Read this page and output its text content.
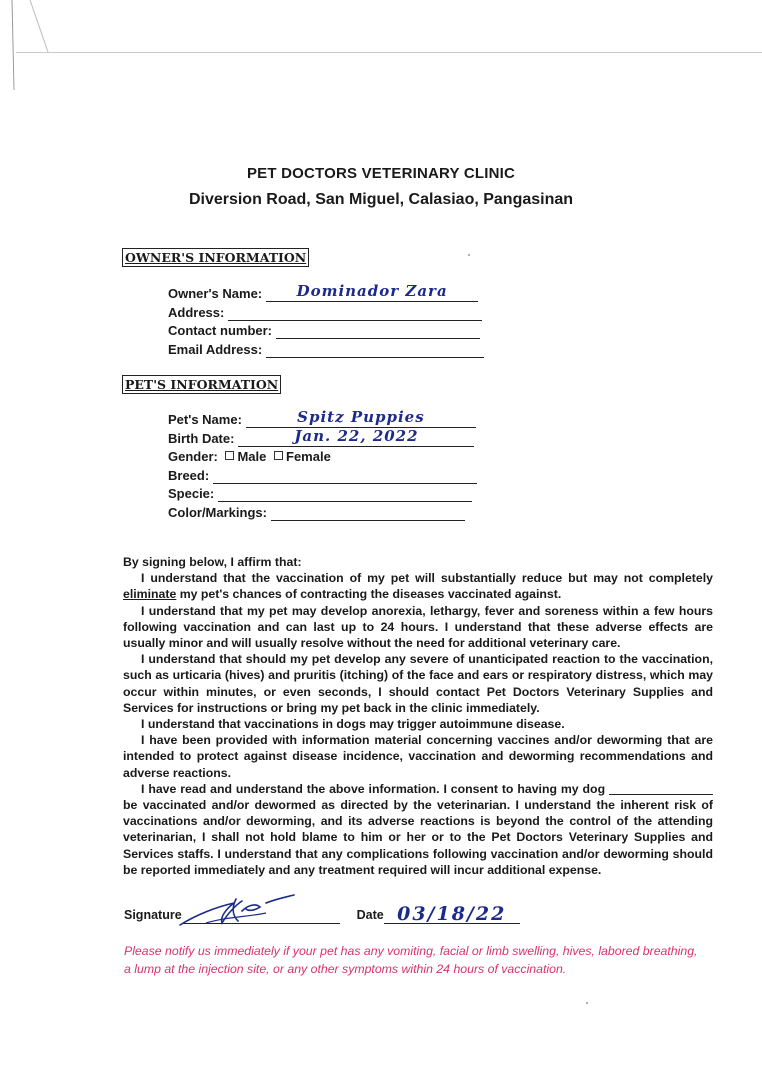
PET DOCTORS VETERINARY CLINIC
Diversion Road, San Miguel, Calasiao, Pangasinan
OWNER'S INFORMATION
Owner's Name:	Dominador Zara
Address:
Contact number:
Email Address:
PET'S INFORMATION
Pet's Name:	Spitz Puppies
Birth Date:	Jan. 22, 2022
Gender: Male Female
Breed:
Specie:
Color/Markings:

By signing below, I affirm that:

I understand that the vaccination of my pet will substantially reduce but may not completely eliminate my pet's chances of contracting the diseases vaccinated against.

I understand that my pet may develop anorexia, lethargy, fever and soreness within a few hours following vaccination and can last up to 24 hours. I understand that these adverse effects are usually minor and will usually resolve without the need for additional veterinary care.

I understand that should my pet develop any severe of unanticipated reaction to the vaccination, such as urticaria (hives) and pruritis (itching) of the face and ears or respiratory distress, which may occur within minutes, or even seconds, I should contact Pet Doctors Veterinary Supplies and Services for instructions or bring my pet back in the clinic immediately.

I understand that vaccinations in dogs may trigger autoimmune disease.

I have been provided with information material concerning vaccines and/or deworming that are intended to protect against disease incidence, vaccination and deworming recommendations and adverse reactions.

I have read and understand the above information. I consent to having my dog  be vaccinated and/or dewormed as directed by the veterinarian. I understand the inherent risk of vaccinations and/or deworming, and its adverse reactions is beyond the control of the attending veterinarian, I shall not hold blame to him or her or to the Pet Doctors Veterinary Supplies and Services staffs. I understand that any complications following vaccination and/or deworming should be reported immediately and any treatment required will incur additional expense.

Signature	Date 03/18/22
Please notify us immediately if your pet has any vomiting, facial or limb swelling, hives, labored breathing, a lump at the injection site, or any other symptoms within 24 hours of vaccination.
